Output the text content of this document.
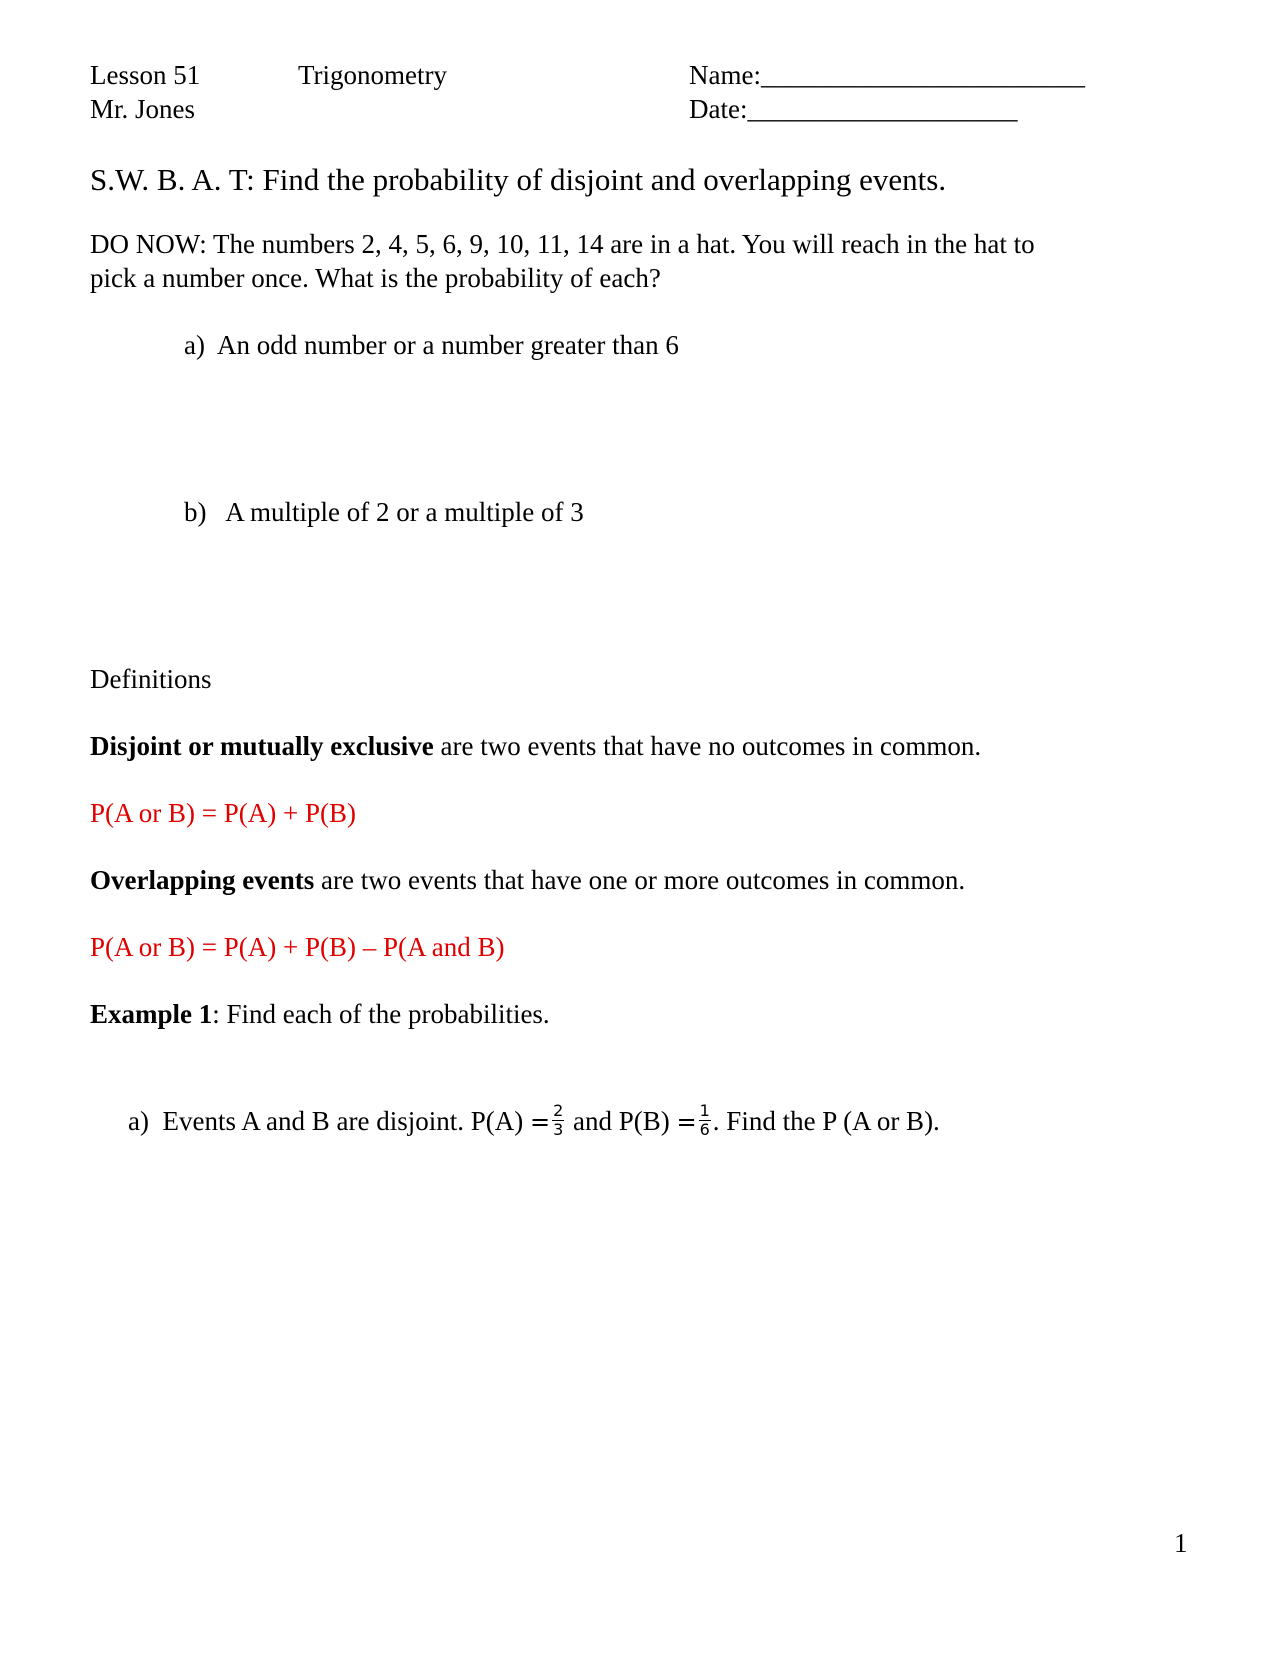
Lesson 51
Mr. Jones
Trigonometry	Name:________________________
Date:____________________
S.W. B. A. T: Find the probability of disjoint and overlapping events.
DO NOW: The numbers 2, 4, 5, 6, 9, 10, 11, 14 are in a hat. You will reach in the hat to
pick a number once. What is the probability of each?
a) An odd number or a number greater than 6
b) A multiple of 2 or a multiple of 3
Definitions
Disjoint or mutually exclusive are two events that have no outcomes in common.
P(A or B) = P(A) + P(B)
Overlapping events are two events that have one or more outcomes in common.
P(A or B) = P(A) + P(B) – P(A and B)
Example 1: Find each of the probabilities.
a) Events A and B are disjoint. $P(A) = \frac{2}{3}$ and $P(B) = \frac{1}{6}$ . Find the P (A or B).
1
